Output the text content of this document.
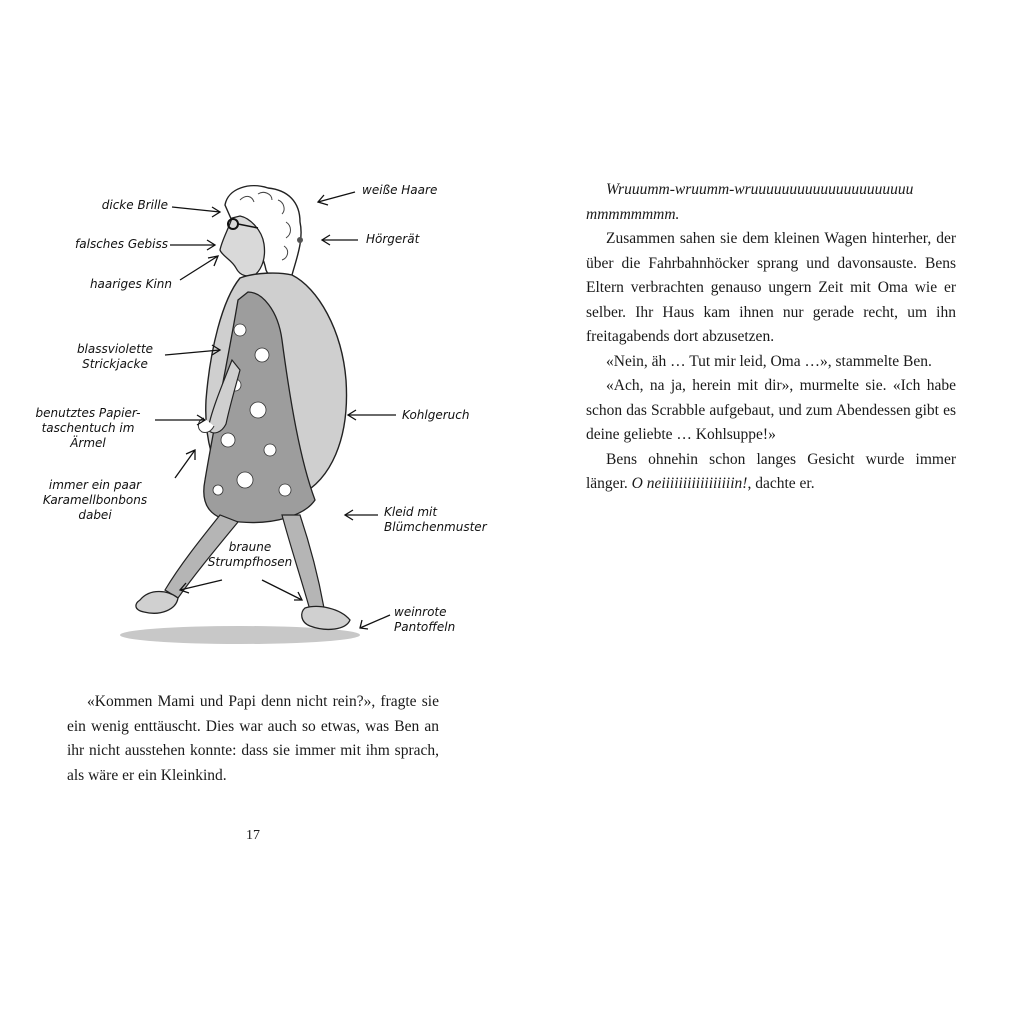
dicke Brille
falsches Gebiss
haariges Kinn
blassviolette
Strickjacke
benutztes Papier-
taschentuch im
Ärmel
immer ein paar
Karamellbonbons
dabei
weiße Haare
Hörgerät
Kohlgeruch
Kleid mit
Blümchenmuster
braune
Strumpfhosen
weinrote
Pantoffeln

«Kommen Mami und Papi denn nicht rein?», fragte sie ein wenig enttäuscht. Dies war auch so etwas, was Ben an ihr nicht ausstehen konnte: dass sie immer mit ihm sprach, als wäre er ein Kleinkind.

17

Wruuumm-wruumm-wruuuuuuuuuuuuuuuuuuuuu mmmmmmmm.

Zusammen sahen sie dem kleinen Wagen hinterher, der über die Fahrbahnhöcker sprang und davonsauste. Bens Eltern verbrachten genauso ungern Zeit mit Oma wie er selber. Ihr Haus kam ihnen nur gerade recht, um ihn freitagabends dort abzusetzen.

«Nein, äh … Tut mir leid, Oma …», stammelte Ben.

«Ach, na ja, herein mit dir», murmelte sie. «Ich habe schon das Scrabble aufgebaut, und zum Abendessen gibt es deine geliebte … Kohlsuppe!»

Bens ohnehin schon langes Gesicht wurde immer länger. O neiiiiiiiiiiiiiiiiin!, dachte er.
